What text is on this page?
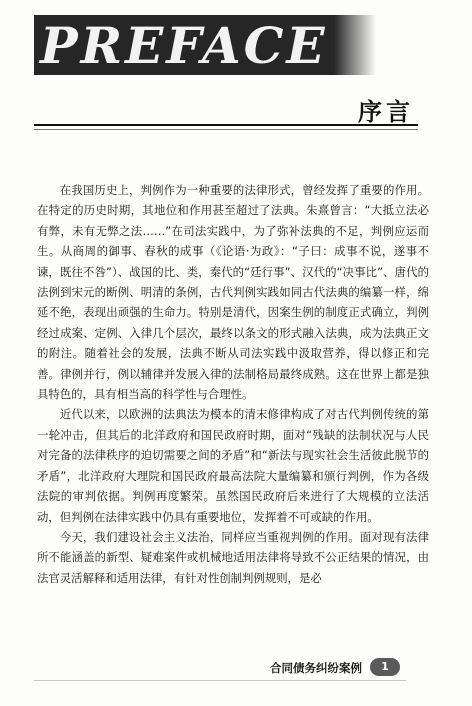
PREFACE
序言

在我国历史上，判例作为一种重要的法律形式，曾经发挥了重要的作用。在特定的历史时期，其地位和作用甚至超过了法典。朱熹曾言：“大抵立法必有弊，未有无弊之法……”在司法实践中，为了弥补法典的不足，判例应运而生。从商周的御事、春秋的成事（《论语·为政》：“子曰：成事不说，遂事不谏，既往不咎”）、战国的比、类，秦代的“廷行事”、汉代的“决事比”、唐代的法例到宋元的断例、明清的条例，古代判例实践如同古代法典的编纂一样，绵延不绝，表现出顽强的生命力。特别是清代，因案生例的制度正式确立，判例经过成案、定例、入律几个层次，最终以条文的形式融入法典，成为法典正文的附注。随着社会的发展，法典不断从司法实践中汲取营养，得以修正和完善。律例并行，例以辅律并发展入律的法制格局最终成熟。这在世界上都是独具特色的，具有相当高的科学性与合理性。

近代以来，以欧洲的法典法为模本的清末修律构成了对古代判例传统的第一轮冲击，但其后的北洋政府和国民政府时期，面对“残缺的法制状况与人民对完备的法律秩序的迫切需要之间的矛盾”和“新法与现实社会生活彼此脱节的矛盾”，北洋政府大理院和国民政府最高法院大量编纂和颁行判例，作为各级法院的审判依据。判例再度繁荣。虽然国民政府后来进行了大规模的立法活动，但判例在法律实践中仍具有重要地位，发挥着不可或缺的作用。

今天，我们建设社会主义法治，同样应当重视判例的作用。面对现有法律所不能涵盖的新型、疑难案件或机械地适用法律将导致不公正结果的情况，由法官灵活解释和适用法律，有针对性创制判例规则，是必

合同债务纠纷案例	1
